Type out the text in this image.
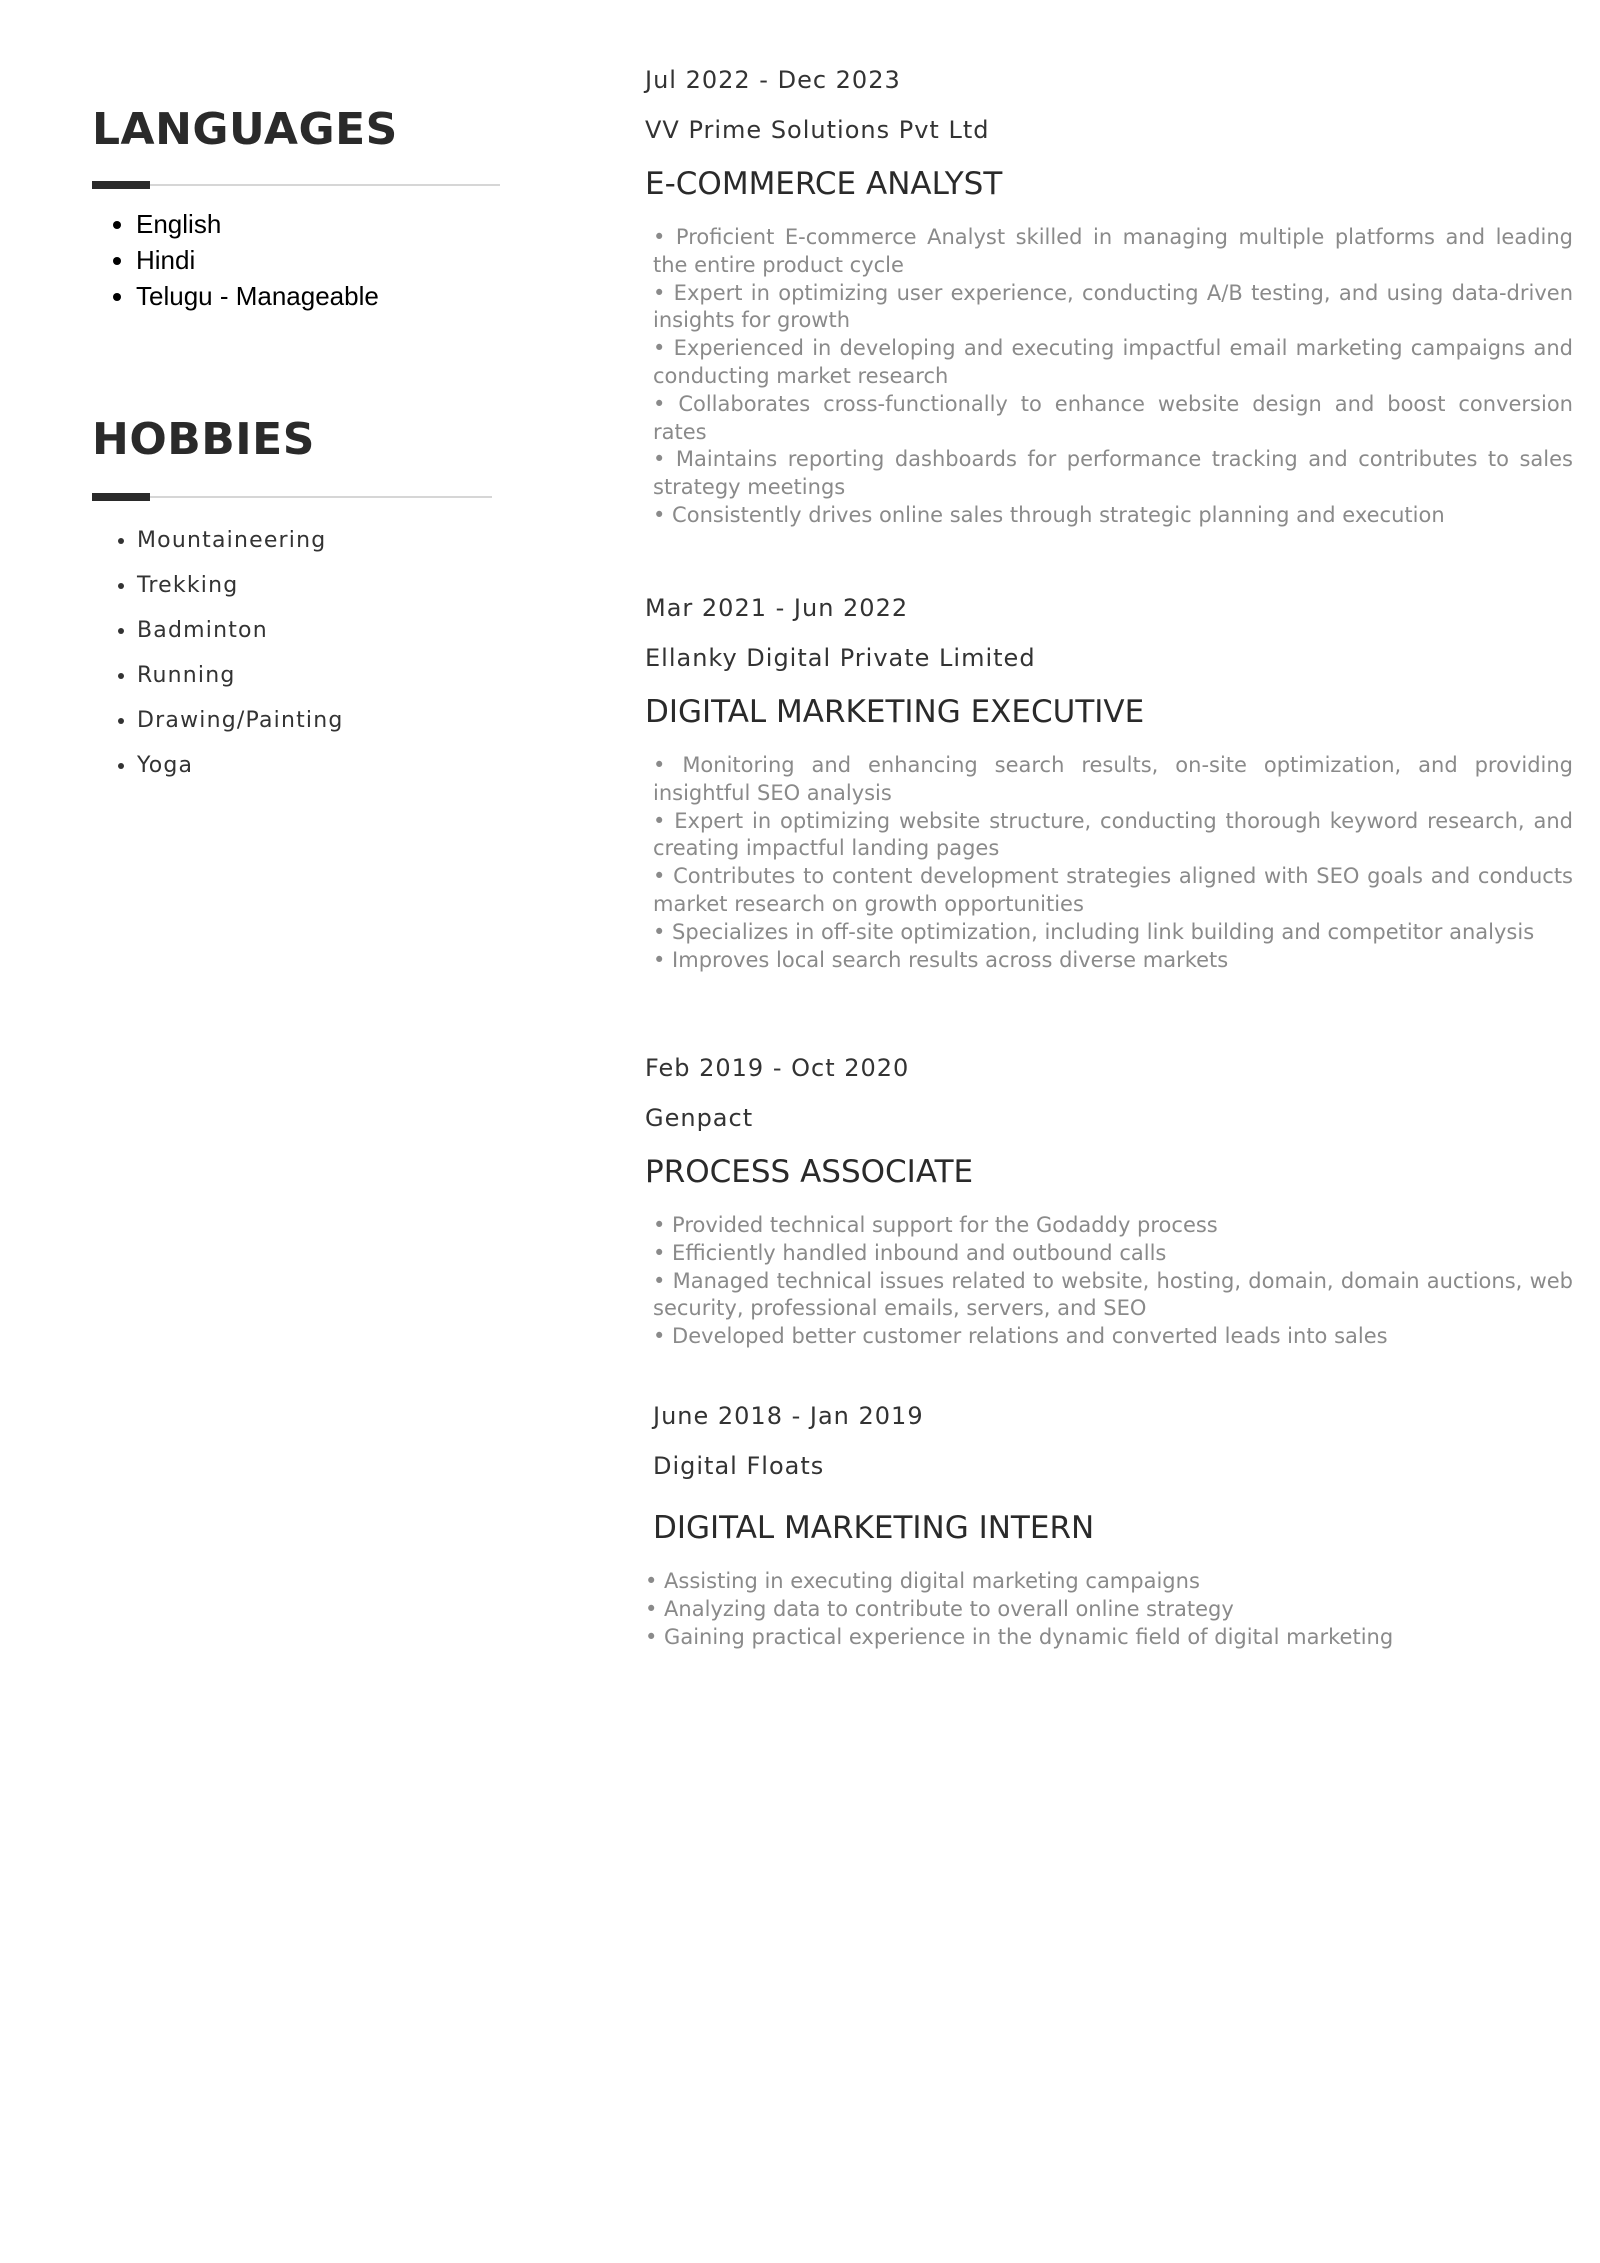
LANGUAGES
• English
• Hindi
• Telugu - Manageable
HOBBIES
• Mountaineering
• Trekking
• Badminton
• Running
• Drawing/Painting
• Yoga
Jul 2022 - Dec 2023
VV Prime Solutions Pvt Ltd
E-COMMERCE ANALYST

• Proficient E-commerce Analyst skilled in managing multiple platforms and leading the entire product cycle

• Expert in optimizing user experience, conducting A/B testing, and using data-driven insights for growth

• Experienced in developing and executing impactful email marketing campaigns and conducting market research

• Collaborates cross-functionally to enhance website design and boost conversion rates

• Maintains reporting dashboards for performance tracking and contributes to sales strategy meetings

• Consistently drives online sales through strategic planning and execution

Mar 2021 - Jun 2022
Ellanky Digital Private Limited
DIGITAL MARKETING EXECUTIVE

• Monitoring and enhancing search results, on-site optimization, and providing insightful SEO analysis

• Expert in optimizing website structure, conducting thorough keyword research, and creating impactful landing pages

• Contributes to content development strategies aligned with SEO goals and conducts market research on growth opportunities

• Specializes in off-site optimization, including link building and competitor analysis

• Improves local search results across diverse markets

Feb 2019 - Oct 2020
Genpact
PROCESS ASSOCIATE

• Provided technical support for the Godaddy process

• Efficiently handled inbound and outbound calls

• Managed technical issues related to website, hosting, domain, domain auctions, web security, professional emails, servers, and SEO

• Developed better customer relations and converted leads into sales

June 2018 - Jan 2019
Digital Floats
DIGITAL MARKETING INTERN

• Assisting in executing digital marketing campaigns

• Analyzing data to contribute to overall online strategy

• Gaining practical experience in the dynamic field of digital marketing
